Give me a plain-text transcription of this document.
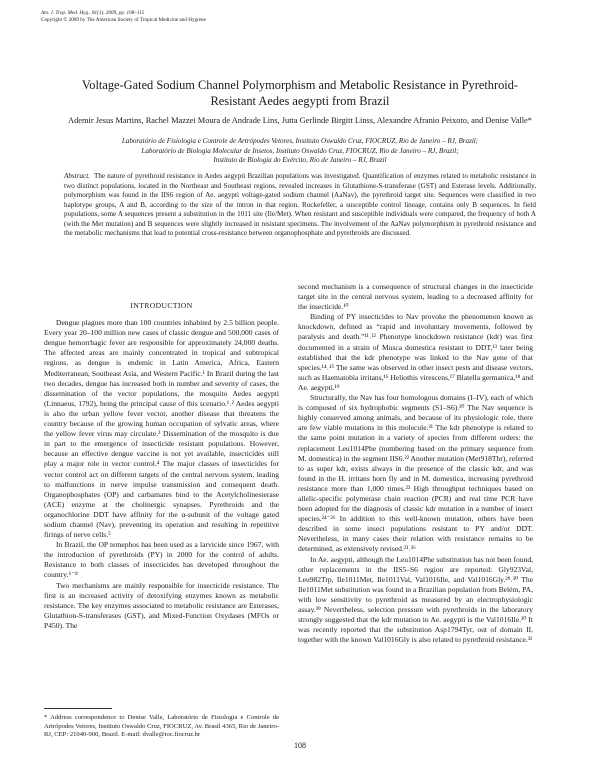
Am. J. Trop. Med. Hyg., 81(1), 2009, pp. 108–115
Copyright © 2009 by The American Society of Tropical Medicine and Hygiene
Voltage-Gated Sodium Channel Polymorphism and Metabolic Resistance in Pyrethroid-Resistant Aedes aegypti from Brazil
Ademir Jesus Martins, Rachel Mazzei Moura de Andrade Lins, Jutta Gerlinde Birgitt Linss, Alexandre Afranio Peixoto, and Denise Valle*
Laboratório de Fisiologia e Controle de Artrópodes Vetores, Instituto Oswaldo Cruz, FIOCRUZ, Rio de Janeiro – RJ, Brazil;
Laboratório de Biologia Molecular de Insetos, Instituto Oswaldo Cruz, FIOCRUZ, Rio de Janeiro – RJ, Brazil;
Instituto de Biologia do Exército, Rio de Janeiro – RJ, Brazil
Abstract. The nature of pyrethroid resistance in Aedes aegypti Brazilian populations was investigated. Quantification of enzymes related to metabolic resistance in two distinct populations, located in the Northeast and Southeast regions, revealed increases in Glutathione-S-transferase (GST) and Esterase levels. Additionally, polymorphism was found in the IIS6 region of Ae. aegypti voltage-gated sodium channel (AaNav), the pyrethroid target site. Sequences were classified in two haplotype groups, A and B, according to the size of the intron in that region. Rockefeller, a susceptible control lineage, contains only B sequences. In field populations, some A sequences present a substitution in the 1011 site (Ile/Met). When resistant and susceptible individuals were compared, the frequency of both A (with the Met mutation) and B sequences were slightly increased in resistant specimens. The involvement of the AaNav polymorphism in pyrethroid resistance and the metabolic mechanisms that lead to potential cross-resistance between organophosphate and pyrethroids are discussed.
INTRODUCTION

Dengue plagues more than 100 countries inhabited by 2.5 billion people. Every year 20–100 million new cases of classic dengue and 500,000 cases of dengue hemorrhagic fever are responsible for approximately 24,000 deaths. The affected areas are mainly concentrated in tropical and subtropical regions, as dengue is endemic in Latin America, Africa, Eastern Mediterranean, Southeast Asia, and Western Pacific.¹ In Brazil during the last two decades, dengue has increased both in number and severity of cases, the dissemination of the vector populations, the mosquito Aedes aegypti (Linnaeus, 1792), being the principal cause of this scenario.¹˒² Aedes aegypti is also the urban yellow fever vector, another disease that threatens the country because of the growing human occupation of sylvatic areas, where the yellow fever virus may circulate.³ Dissemination of the mosquito is due in part to the emergence of insecticide resistant populations. However, because an effective dengue vaccine is not yet available, insecticides still play a major role in vector control.⁴ The major classes of insecticides for vector control act on different targets of the central nervous system, leading to malfunctions in nerve impulse transmission and consequent death. Organophosphates (OP) and carbamates bind to the Acetylcholinesterase (ACE) enzyme at the cholinergic synapses. Pyrethroids and the organochlorine DDT have affinity for the α-subunit of the voltage gated sodium channel (Nav), preventing its operation and resulting in repetitive firings of nerve cells.⁵

In Brazil, the OP temephos has been used as a larvicide since 1967, with the introduction of pyrethroids (PY) in 2000 for the control of adults. Resistance to both classes of insecticides has developed throughout the country.⁶⁻⁸

Two mechanisms are mainly responsible for insecticide resistance. The first is an increased activity of detoxifying enzymes known as metabolic resistance. The key enzymes associated to metabolic resistance are Esterases, Glutathion-S-transferases (GST), and Mixed-Function Oxydases (MFOs or P450). The

second mechanism is a consequence of structural changes in the insecticide target site in the central nervous system, leading to a decreased affinity for the insecticide.¹⁰

Binding of PY insecticides to Nav provoke the phenomenon known as knockdown, defined as “rapid and involuntary movements, followed by paralysis and death.”¹¹˒¹² Phenotype knockdown resistance (kdr) was first documented in a strain of Musca domestica resistant to DDT,¹³ later being established that the kdr phenotype was linked to the Nav gene of that species.¹⁴˒¹⁵ The same was observed in other insect pests and disease vectors, such as Haematobia irritans,¹⁶ Heliothis virescens,¹⁷ Blatella germanica,¹⁸ and Ae. aegypti.¹⁹

Structurally, the Nav has four homologous domains (I–IV), each of which is composed of six hydrophobic segments (S1–S6).²⁰ The Nav sequence is highly conserved among animals, and because of its physiologic role, there are few viable mutations in this molecule.²¹ The kdr phenotype is related to the same point mutation in a variety of species from different orders: the replacement Leu1014Phe (numbering based on the primary sequence from M. domestica) in the segment IIS6.²² Another mutation (Met918Thr), referred to as super kdr, exists always in the presence of the classic kdr, and was found in the H. irritans horn fly and in M. domestica, increasing pyrethroid resistance more than 1,000 times.²³ High throughput techniques based on allelic-specific polymerase chain reaction (PCR) and real time PCR have been adopted for the diagnosis of classic kdr mutation in a number of insect species.²⁴⁻²⁶ In addition to this well-known mutation, others have been described in some insect populations resistant to PY and/or DDT. Nevertheless, in many cases their relation with resistance remains to be determined, as extensively revised.²¹˒²⁶

In Ae. aegypti, although the Leu1014Phe substitution has not been found, other replacements in the IIS5–S6 region are reported: Gly923Val, Leu982Trp, Ile1011Met, Ile1011Val, Val1016Ile, and Val1016Gly.²⁹˒³⁰ The Ile1011Met substitution was found in a Brazilian population from Belém, PA, with low sensitivity to pyrethroid as measured by an electrophysiologic assay.²⁹ Nevertheless, selection pressure with pyrethroids in the laboratory strongly suggested that the kdr mutation in Ae. aegypti is the Val1016Ile.³⁰ It was recently reported that the substitution Asp1794Tyr, out of domain II, together with the known Val1016Gly is also related to pyrethroid resistance.³¹

* Address correspondence to Denise Valle, Laboratório de Fisiologia e Controle de Artrópodes Vetores, Instituto Oswaldo Cruz, FIOCRUZ, Av. Brasil 4365, Rio de Janeiro-RJ, CEP: 21040-900, Brazil. E-mail: dvalle@ioc.fiocruz.br
108
